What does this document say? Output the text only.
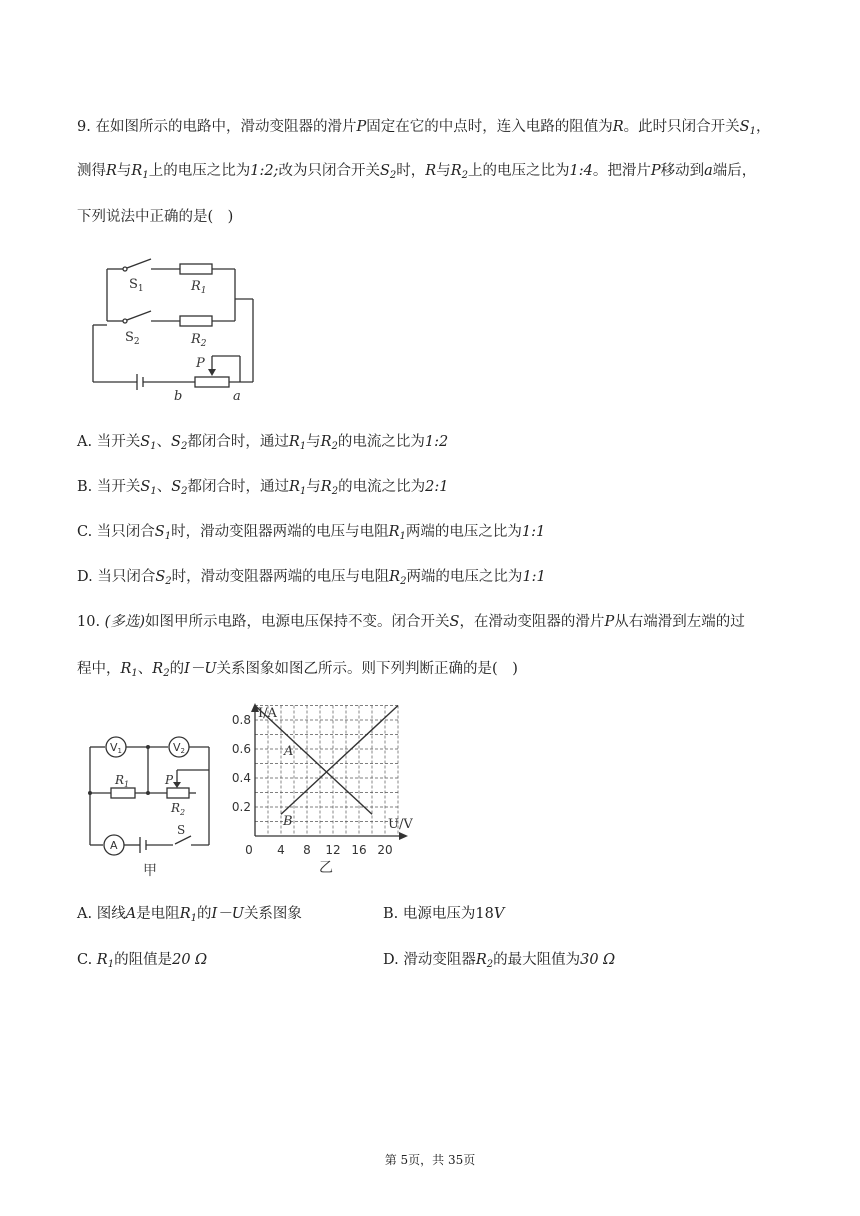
9. 在如图所示的电路中，滑动变阻器的滑片P固定在它的中点时，连入电路的阻值为R。此时只闭合开关$S_1$，
测得R与$R_1$上的电压之比为1:2;改为只闭合开关$S_2$时，R与$R_2$上的电压之比为1:4。把滑片P移动到a端后，
下列说法中正确的是(　)
$S_1$	$R_1$
$S_2$	$R_2$
P
b	a
A. 当开关$S_1$、$S_2$都闭合时，通过$R_1$与$R_2$的电流之比为1:2
B. 当开关$S_1$、$S_2$都闭合时，通过$R_1$与$R_2$的电流之比为2:1
C. 当只闭合$S_1$时，滑动变阻器两端的电压与电阻$R_1$两端的电压之比为1:1
D. 当只闭合$S_2$时，滑动变阻器两端的电压与电阻$R_2$两端的电压之比为1:1
10. (多选)如图甲所示电路，电源电压保持不变。闭合开关S，在滑动变阻器的滑片P从右端滑到左端的过
程中，$R_1$、$R_2$的I－U关系图象如图乙所示。则下列判断正确的是(　)
V1	V2
A
$R_1$	P
$R_2$
S
甲
0 4 8 12 16 20
0.2
0.4
0.6
0.8 I/A
U/V
A
B
乙
A. 图线A是电阻$R_1$的I－U关系图象	B. 电源电压为18V
C. $R_1$的阻值是20 Ω	D. 滑动变阻器$R_2$的最大阻值为30 Ω
第 5页，共 35页
